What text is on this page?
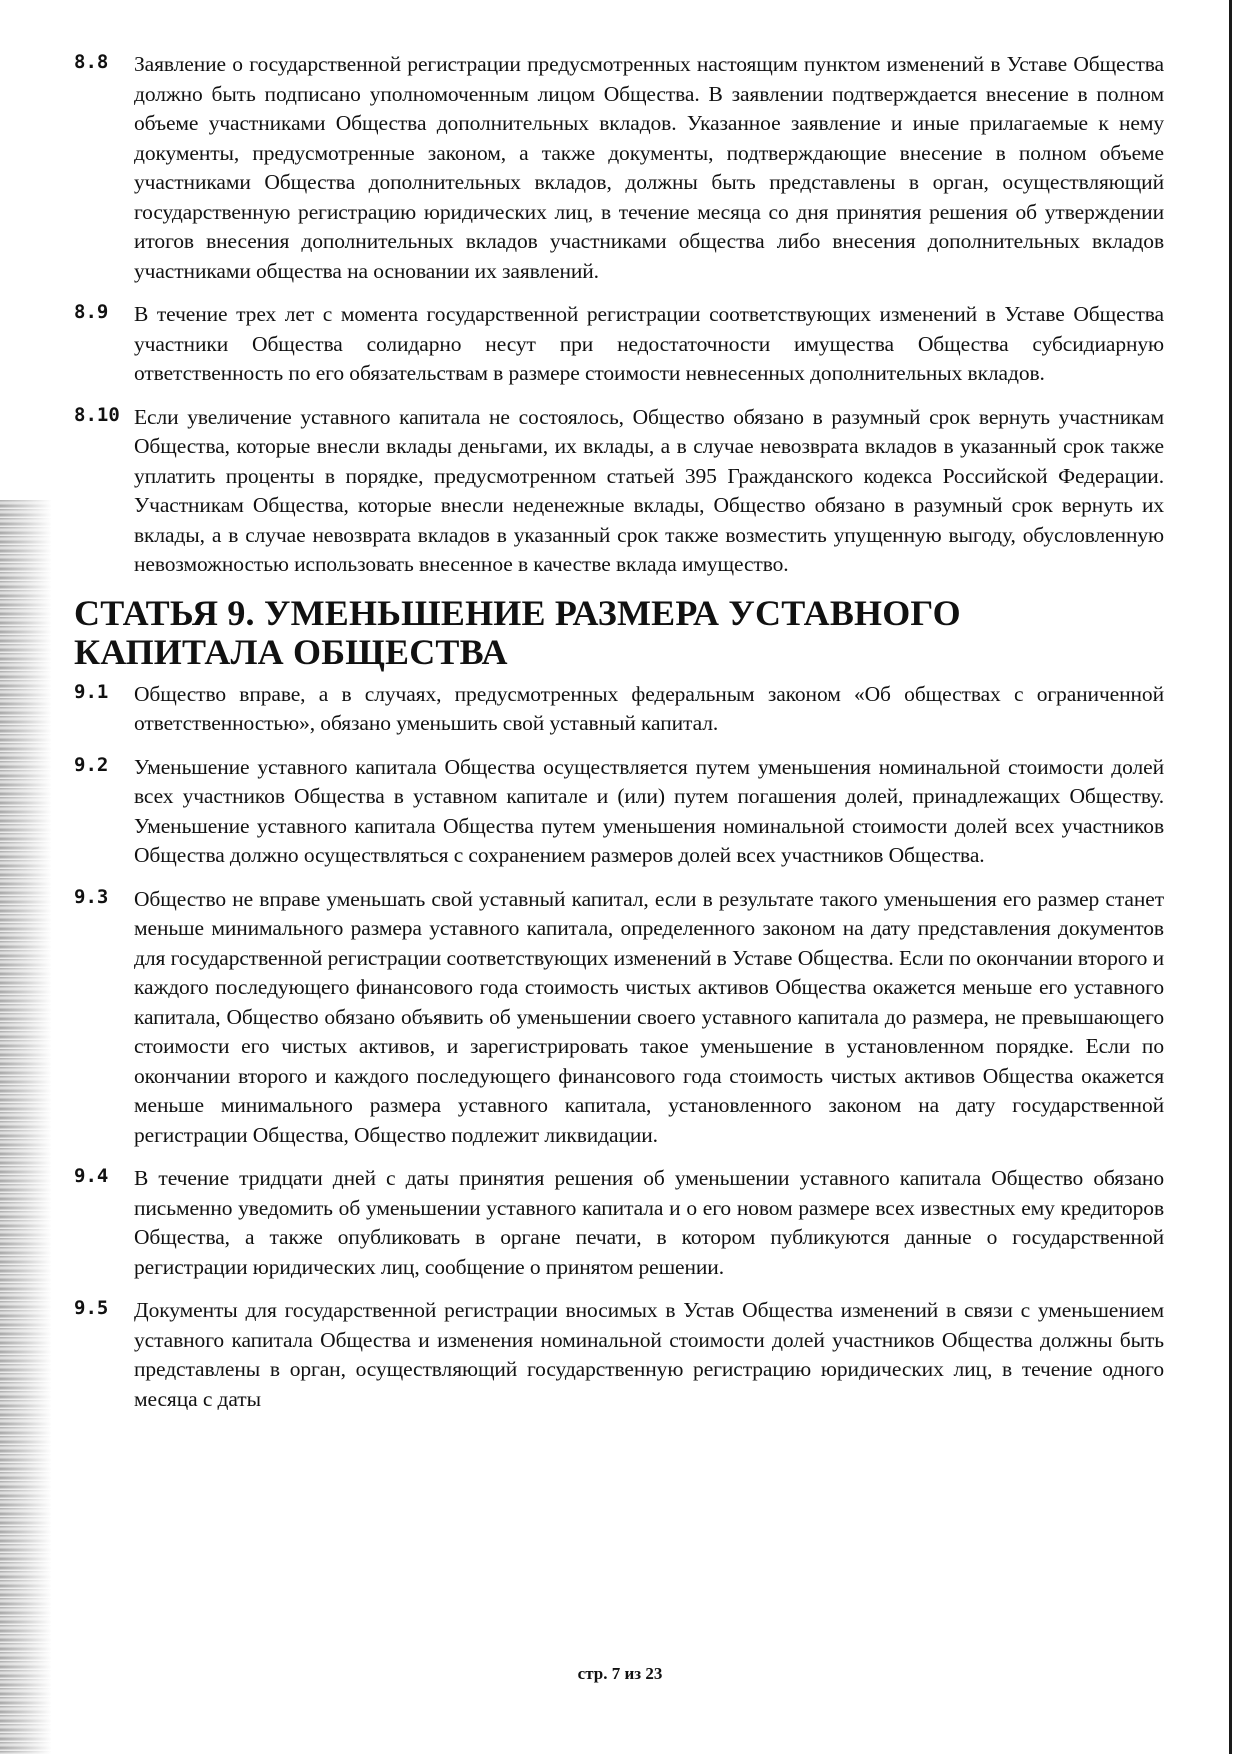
8.8 Заявление о государственной регистрации предусмотренных настоящим пунктом изменений в Уставе Общества должно быть подписано уполномоченным лицом Общества. В заявлении подтверждается внесение в полном объеме участниками Общества дополнительных вкладов. Указанное заявление и иные прилагаемые к нему документы, предусмотренные законом, а также документы, подтверждающие внесение в полном объеме участниками Общества дополнительных вкладов, должны быть представлены в орган, осуществляющий государственную регистрацию юридических лиц, в течение месяца со дня принятия решения об утверждении итогов внесения дополнительных вкладов участниками общества либо внесения дополнительных вкладов участниками общества на основании их заявлений.
8.9 В течение трех лет с момента государственной регистрации соответствующих изменений в Уставе Общества участники Общества солидарно несут при недостаточности имущества Общества субсидиарную ответственность по его обязательствам в размере стоимости невнесенных дополнительных вкладов.
8.10 Если увеличение уставного капитала не состоялось, Общество обязано в разумный срок вернуть участникам Общества, которые внесли вклады деньгами, их вклады, а в случае невозврата вкладов в указанный срок также уплатить проценты в порядке, предусмотренном статьей 395 Гражданского кодекса Российской Федерации. Участникам Общества, которые внесли неденежные вклады, Общество обязано в разумный срок вернуть их вклады, а в случае невозврата вкладов в указанный срок также возместить упущенную выгоду, обусловленную невозможностью использовать внесенное в качестве вклада имущество.
СТАТЬЯ 9. УМЕНЬШЕНИЕ РАЗМЕРА УСТАВНОГО КАПИТАЛА ОБЩЕСТВА
9.1 Общество вправе, а в случаях, предусмотренных федеральным законом «Об обществах с ограниченной ответственностью», обязано уменьшить свой уставный капитал.
9.2 Уменьшение уставного капитала Общества осуществляется путем уменьшения номинальной стоимости долей всех участников Общества в уставном капитале и (или) путем погашения долей, принадлежащих Обществу. Уменьшение уставного капитала Общества путем уменьшения номинальной стоимости долей всех участников Общества должно осуществляться с сохранением размеров долей всех участников Общества.
9.3 Общество не вправе уменьшать свой уставный капитал, если в результате такого уменьшения его размер станет меньше минимального размера уставного капитала, определенного законом на дату представления документов для государственной регистрации соответствующих изменений в Уставе Общества. Если по окончании второго и каждого последующего финансового года стоимость чистых активов Общества окажется меньше его уставного капитала, Общество обязано объявить об уменьшении своего уставного капитала до размера, не превышающего стоимости его чистых активов, и зарегистрировать такое уменьшение в установленном порядке. Если по окончании второго и каждого последующего финансового года стоимость чистых активов Общества окажется меньше минимального размера уставного капитала, установленного законом на дату государственной регистрации Общества, Общество подлежит ликвидации.
9.4 В течение тридцати дней с даты принятия решения об уменьшении уставного капитала Общество обязано письменно уведомить об уменьшении уставного капитала и о его новом размере всех известных ему кредиторов Общества, а также опубликовать в органе печати, в котором публикуются данные о государственной регистрации юридических лиц, сообщение о принятом решении.
9.5 Документы для государственной регистрации вносимых в Устав Общества изменений в связи с уменьшением уставного капитала Общества и изменения номинальной стоимости долей участников Общества должны быть представлены в орган, осуществляющий государственную регистрацию юридических лиц, в течение одного месяца с даты
стр. 7 из 23
